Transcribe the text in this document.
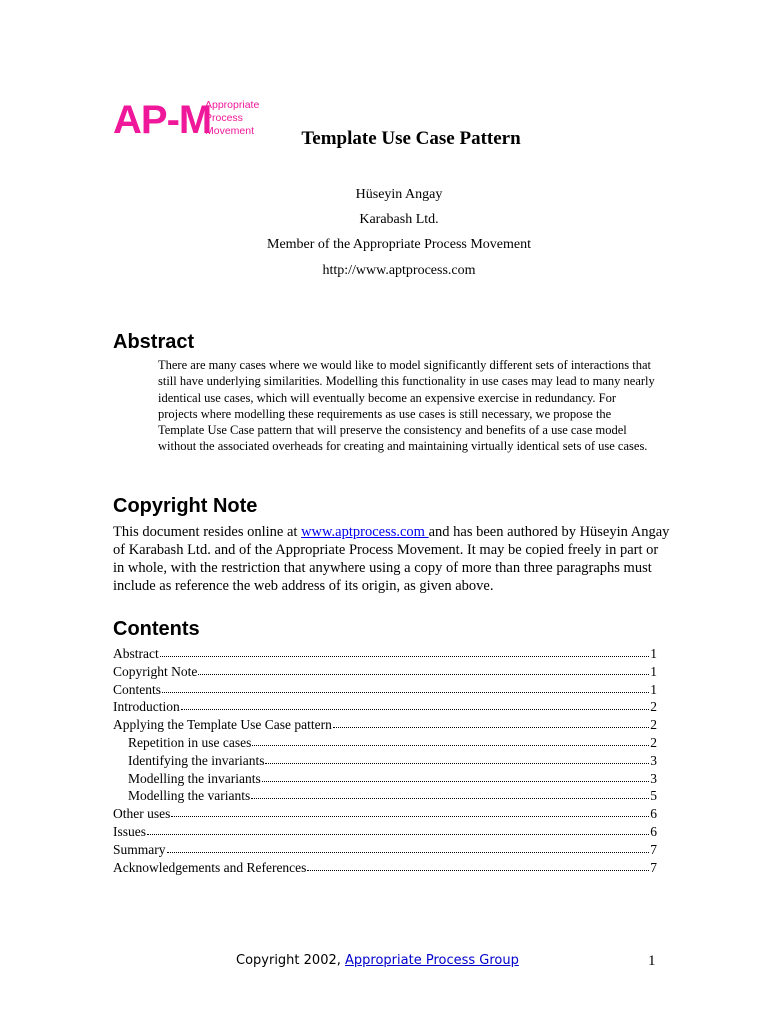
AP-M
Appropriate
Process
Movement	Template Use Case Pattern
Hüseyin Angay
Karabash Ltd.
Member of the Appropriate Process Movement
http://www.aptprocess.com
Abstract
There are many cases where we would like to model significantly different sets of interactions that still have underlying similarities. Modelling this functionality in use cases may lead to many nearly identical use cases, which will eventually become an expensive exercise in redundancy. For projects where modelling these requirements as use cases is still necessary, we propose the Template Use Case pattern that will preserve the consistency and benefits of a use case model without the associated overheads for creating and maintaining virtually identical sets of use cases.
Copyright Note
This document resides online at www.aptprocess.com and has been authored by Hüseyin Angay of Karabash Ltd. and of the Appropriate Process Movement. It may be copied freely in part or in whole, with the restriction that anywhere using a copy of more than three paragraphs must include as reference the web address of its origin, as given above.
Contents
Abstract	1
Copyright Note	1
Contents	1
Introduction	2
Applying the Template Use Case pattern	2
Repetition in use cases	2
Identifying the invariants	3
Modelling the invariants	3
Modelling the variants	5
Other uses	6
Issues	6
Summary	7
Acknowledgements and References	7
Copyright 2002, Appropriate Process Group	1
